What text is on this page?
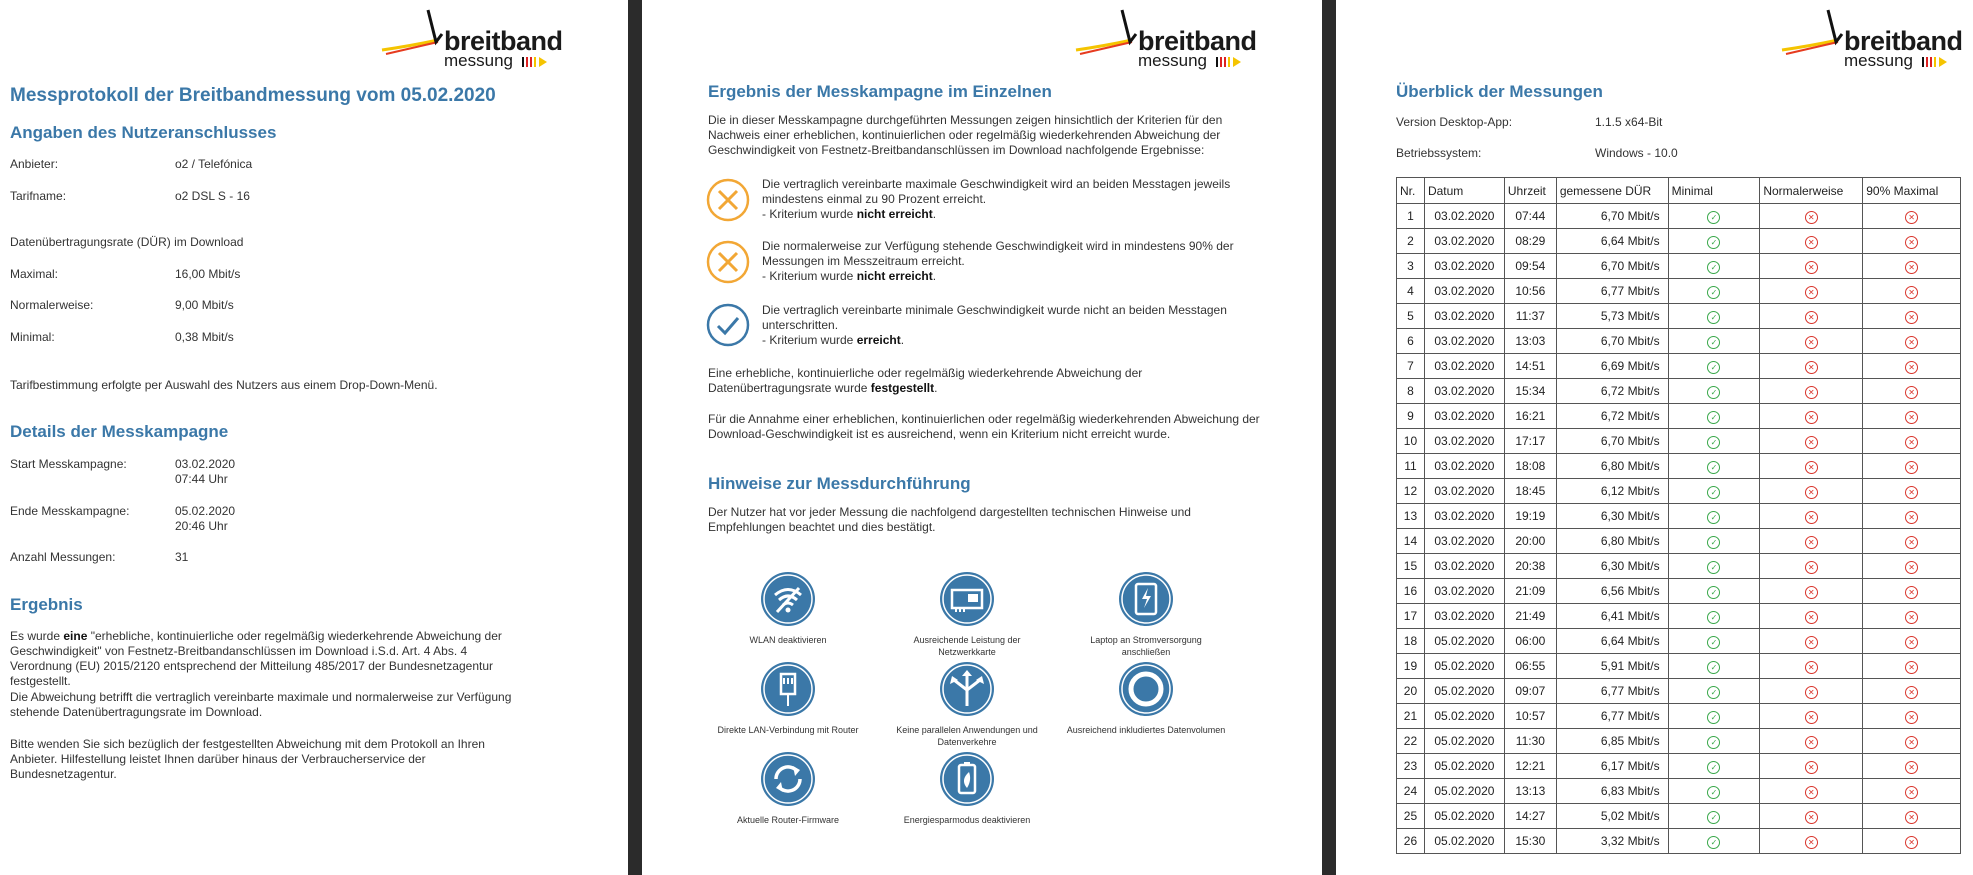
breitband
messung
Messprotokoll der Breitbandmessung vom 05.02.2020
Angaben des Nutzeranschlusses
Anbieter:	o2 / Telefónica
Tarifname:	o2 DSL S - 16
Datenübertragungsrate (DÜR) im Download
Maximal:	16,00 Mbit/s
Normalerweise:	9,00 Mbit/s
Minimal:	0,38 Mbit/s
Tarifbestimmung erfolgte per Auswahl des Nutzers aus einem Drop-Down-Menü.
Details der Messkampagne
Start Messkampagne:	03.02.2020
07:44 Uhr
Ende Messkampagne:	05.02.2020
20:46 Uhr
Anzahl Messungen:	31
Ergebnis
Es wurde eine "erhebliche, kontinuierliche oder regelmäßig wiederkehrende Abweichung der Geschwindigkeit" von Festnetz-Breitbandanschlüssen im Download i.S.d. Art. 4 Abs. 4 Verordnung (EU) 2015/2120 entsprechend der Mitteilung 485/2017 der Bundesnetzagentur festgestellt.
Die Abweichung betrifft die vertraglich vereinbarte maximale und normalerweise zur Verfügung stehende Datenübertragungsrate im Download.
Bitte wenden Sie sich bezüglich der festgestellten Abweichung mit dem Protokoll an Ihren Anbieter. Hilfestellung leistet Ihnen darüber hinaus der Verbraucherservice der Bundesnetzagentur.
breitband
messung
Ergebnis der Messkampagne im Einzelnen
Die in dieser Messkampagne durchgeführten Messungen zeigen hinsichtlich der Kriterien für den Nachweis einer erheblichen, kontinuierlichen oder regelmäßig wiederkehrenden Abweichung der Geschwindigkeit von Festnetz-Breitbandanschlüssen im Download nachfolgende Ergebnisse:
Die vertraglich vereinbarte maximale Geschwindigkeit wird an beiden Messtagen jeweils mindestens einmal zu 90 Prozent erreicht.
- Kriterium wurde nicht erreicht.
Die normalerweise zur Verfügung stehende Geschwindigkeit wird in mindestens 90% der Messungen im Messzeitraum erreicht.
- Kriterium wurde nicht erreicht.
Die vertraglich vereinbarte minimale Geschwindigkeit wurde nicht an beiden Messtagen unterschritten.
- Kriterium wurde erreicht.
Eine erhebliche, kontinuierliche oder regelmäßig wiederkehrende Abweichung der Datenübertragungsrate wurde festgestellt.
Für die Annahme einer erheblichen, kontinuierlichen oder regelmäßig wiederkehrenden Abweichung der Download-Geschwindigkeit ist es ausreichend, wenn ein Kriterium nicht erreicht wurde.
Hinweise zur Messdurchführung
Der Nutzer hat vor jeder Messung die nachfolgend dargestellten technischen Hinweise und Empfehlungen beachtet und dies bestätigt.
WLAN deaktivieren	Ausreichende Leistung der Netzwerkkarte
Laptop an Stromversorgung anschließen
Direkte LAN-Verbindung mit Router	Keine parallelen Anwendungen und Datenverkehre
Ausreichend inkludiertes Datenvolumen
Aktuelle Router-Firmware	Energiesparmodus deaktivieren
breitband
messung
Überblick der Messungen
Version Desktop-App:	1.1.5 x64-Bit
Betriebssystem:	Windows - 10.0
Nr.	Datum	Uhrzeit	gemessene DÜR	Minimal	Normalerweise	90% Maximal
1	03.02.2020	07:44	6,70 Mbit/s	✓	✕	✕
2	03.02.2020	08:29	6,64 Mbit/s	✓	✕	✕
3	03.02.2020	09:54	6,70 Mbit/s	✓	✕	✕
4	03.02.2020	10:56	6,77 Mbit/s	✓	✕	✕
5	03.02.2020	11:37	5,73 Mbit/s	✓	✕	✕
6	03.02.2020	13:03	6,70 Mbit/s	✓	✕	✕
7	03.02.2020	14:51	6,69 Mbit/s	✓	✕	✕
8	03.02.2020	15:34	6,72 Mbit/s	✓	✕	✕
9	03.02.2020	16:21	6,72 Mbit/s	✓	✕	✕
10	03.02.2020	17:17	6,70 Mbit/s	✓	✕	✕
11	03.02.2020	18:08	6,80 Mbit/s	✓	✕	✕
12	03.02.2020	18:45	6,12 Mbit/s	✓	✕	✕
13	03.02.2020	19:19	6,30 Mbit/s	✓	✕	✕
14	03.02.2020	20:00	6,80 Mbit/s	✓	✕	✕
15	03.02.2020	20:38	6,30 Mbit/s	✓	✕	✕
16	03.02.2020	21:09	6,56 Mbit/s	✓	✕	✕
17	03.02.2020	21:49	6,41 Mbit/s	✓	✕	✕
18	05.02.2020	06:00	6,64 Mbit/s	✓	✕	✕
19	05.02.2020	06:55	5,91 Mbit/s	✓	✕	✕
20	05.02.2020	09:07	6,77 Mbit/s	✓	✕	✕
21	05.02.2020	10:57	6,77 Mbit/s	✓	✕	✕
22	05.02.2020	11:30	6,85 Mbit/s	✓	✕	✕
23	05.02.2020	12:21	6,17 Mbit/s	✓	✕	✕
24	05.02.2020	13:13	6,83 Mbit/s	✓	✕	✕
25	05.02.2020	14:27	5,02 Mbit/s	✓	✕	✕
26	05.02.2020	15:30	3,32 Mbit/s	✓	✕	✕
